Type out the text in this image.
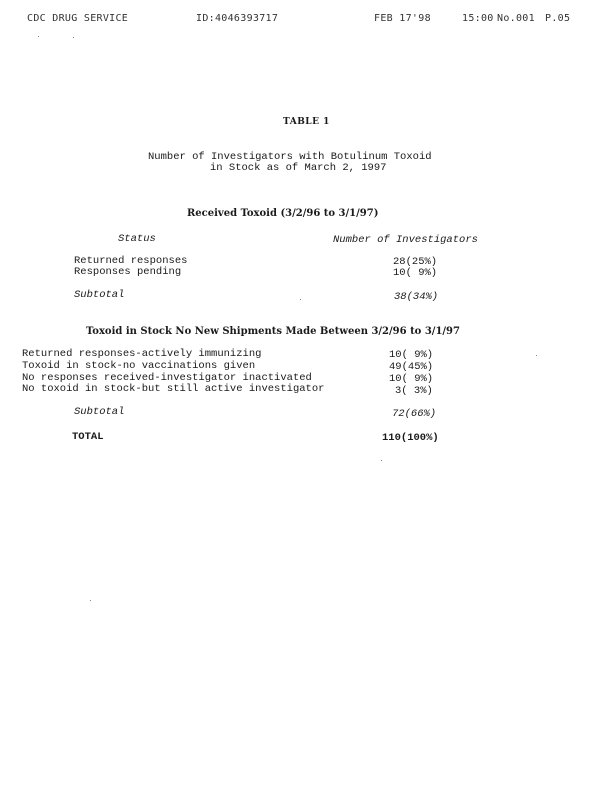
CDC DRUG SERVICE	ID:4046393717	FEB 17'98	15:00 No.001 P.05
TABLE 1
Number of Investigators with Botulinum Toxoid
in Stock as of March 2, 1997
Received Toxoid (3/2/96 to 3/1/97)
Status	Number of Investigators
Returned responses	28(25%)
Responses pending	10( 9%)
Subtotal	38(34%)
Toxoid in Stock No New Shipments Made Between 3/2/96 to 3/1/97
Returned responses-actively immunizing	10( 9%)
Toxoid in stock-no vaccinations given	49(45%)
No responses received-investigator inactivated	10( 9%)
No toxoid in stock-but still active investigator	3( 3%)
Subtotal	72(66%)
TOTAL	110(100%)
